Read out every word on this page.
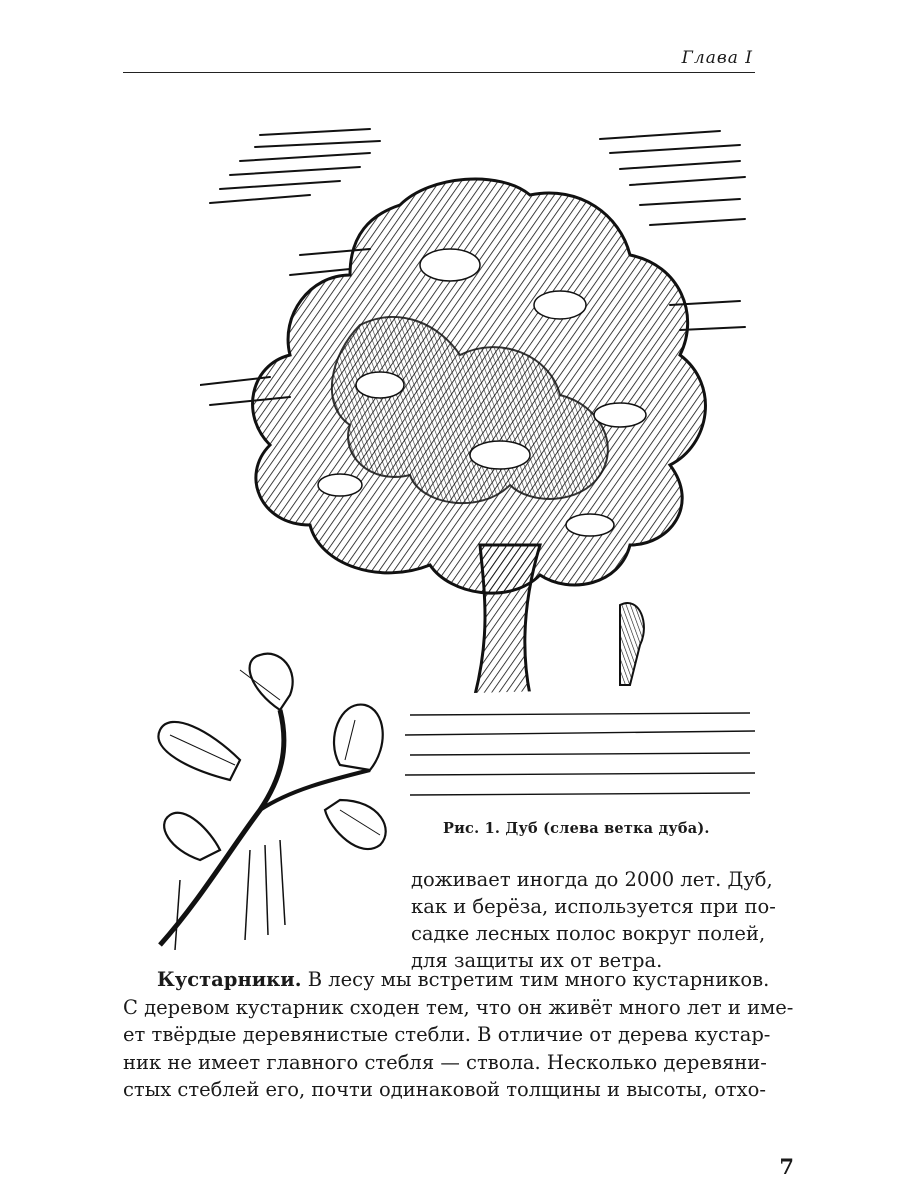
Глава I
Рис. 1. Дуб (слева ветка дуба).
доживает иногда до 2000 лет. Дуб,
как и берёза, используется при по-
садке лесных полос вокруг полей,
для защиты их от ветра.
Кустарники. В лесу мы встретим тим много кустарников.
С деревом кустарник сходен тем, что он живёт много лет и име-
ет твёрдые деревянистые стебли. В отличие от дерева кустар-
ник не имеет главного стебля — ствола. Несколько деревяни-
стых стеблей его, почти одинаковой толщины и высоты, отхо-
7
